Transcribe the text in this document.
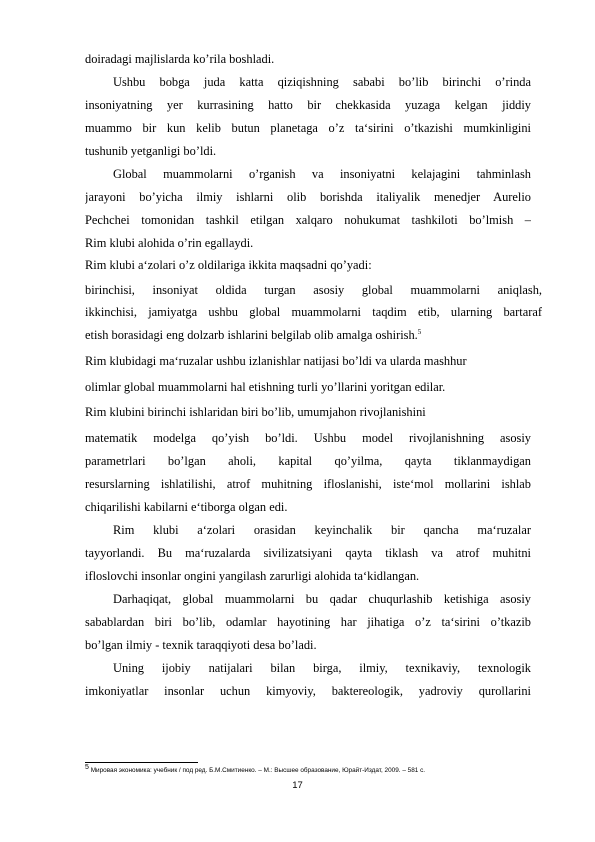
doiradagi majlislarda ko’rila boshladi.
Ushbu bobga juda katta qiziqishning sababi bo’lib birinchi o’rinda
insoniyatning yer kurrasining hatto bir chekkasida yuzaga kelgan jiddiy
muammo bir kun kelib butun planetaga o’z ta‘sirini o’tkazishi mumkinligini
tushunib yetganligi bo’ldi.
Global muammolarni o’rganish va insoniyatni kelajagini tahminlash
jarayoni bo’yicha ilmiy ishlarni olib borishda italiyalik menedjer Aurelio
Pechchei tomonidan tashkil etilgan xalqaro nohukumat tashkiloti bo’lmish –
Rim klubi alohida o’rin egallaydi.
Rim klubi a‘zolari o’z oldilariga ikkita maqsadni qo’yadi:
birinchisi, insoniyat oldida turgan asosiy global muammolarni aniqlash,
ikkinchisi, jamiyatga ushbu global muammolarni taqdim etib, ularning bartaraf
etish borasidagi eng dolzarb ishlarini belgilab olib amalga oshirish.$^5$
Rim klubidagi ma‘ruzalar ushbu izlanishlar natijasi bo’ldi va ularda mashhur
olimlar global muammolarni hal etishning turli yo’llarini yoritgan edilar.
Rim klubini birinchi ishlaridan biri bo’lib, umumjahon rivojlanishini
matematik modelga qo’yish bo’ldi. Ushbu model rivojlanishning asosiy
parametrlari bo’lgan aholi, kapital qo’yilma, qayta tiklanmaydigan
resurslarning ishlatilishi, atrof muhitning ifloslanishi, iste‘mol mollarini ishlab
chiqarilishi kabilarni e‘tiborga olgan edi.
Rim klubi a‘zolari orasidan keyinchalik bir qancha ma‘ruzalar
tayyorlandi. Bu ma‘ruzalarda sivilizatsiyani qayta tiklash va atrof muhitni
ifloslovchi insonlar ongini yangilash zarurligi alohida ta‘kidlangan.
Darhaqiqat, global muammolarni bu qadar chuqurlashib ketishiga asosiy
sabablardan biri bo’lib, odamlar hayotining har jihatiga o’z ta‘sirini o’tkazib
bo’lgan ilmiy - texnik taraqqiyoti desa bo’ladi.
Uning ijobiy natijalari bilan birga, ilmiy, texnikaviy, texnologik
imkoniyatlar insonlar uchun kimyoviy, baktereologik, yadroviy qurollarini
$^5$ Мировая экономика: учебник / под ред. Б.М.Смитиенко. – М.: Высшее образование, Юрайт-Издат, 2009. – 581 с.
17
